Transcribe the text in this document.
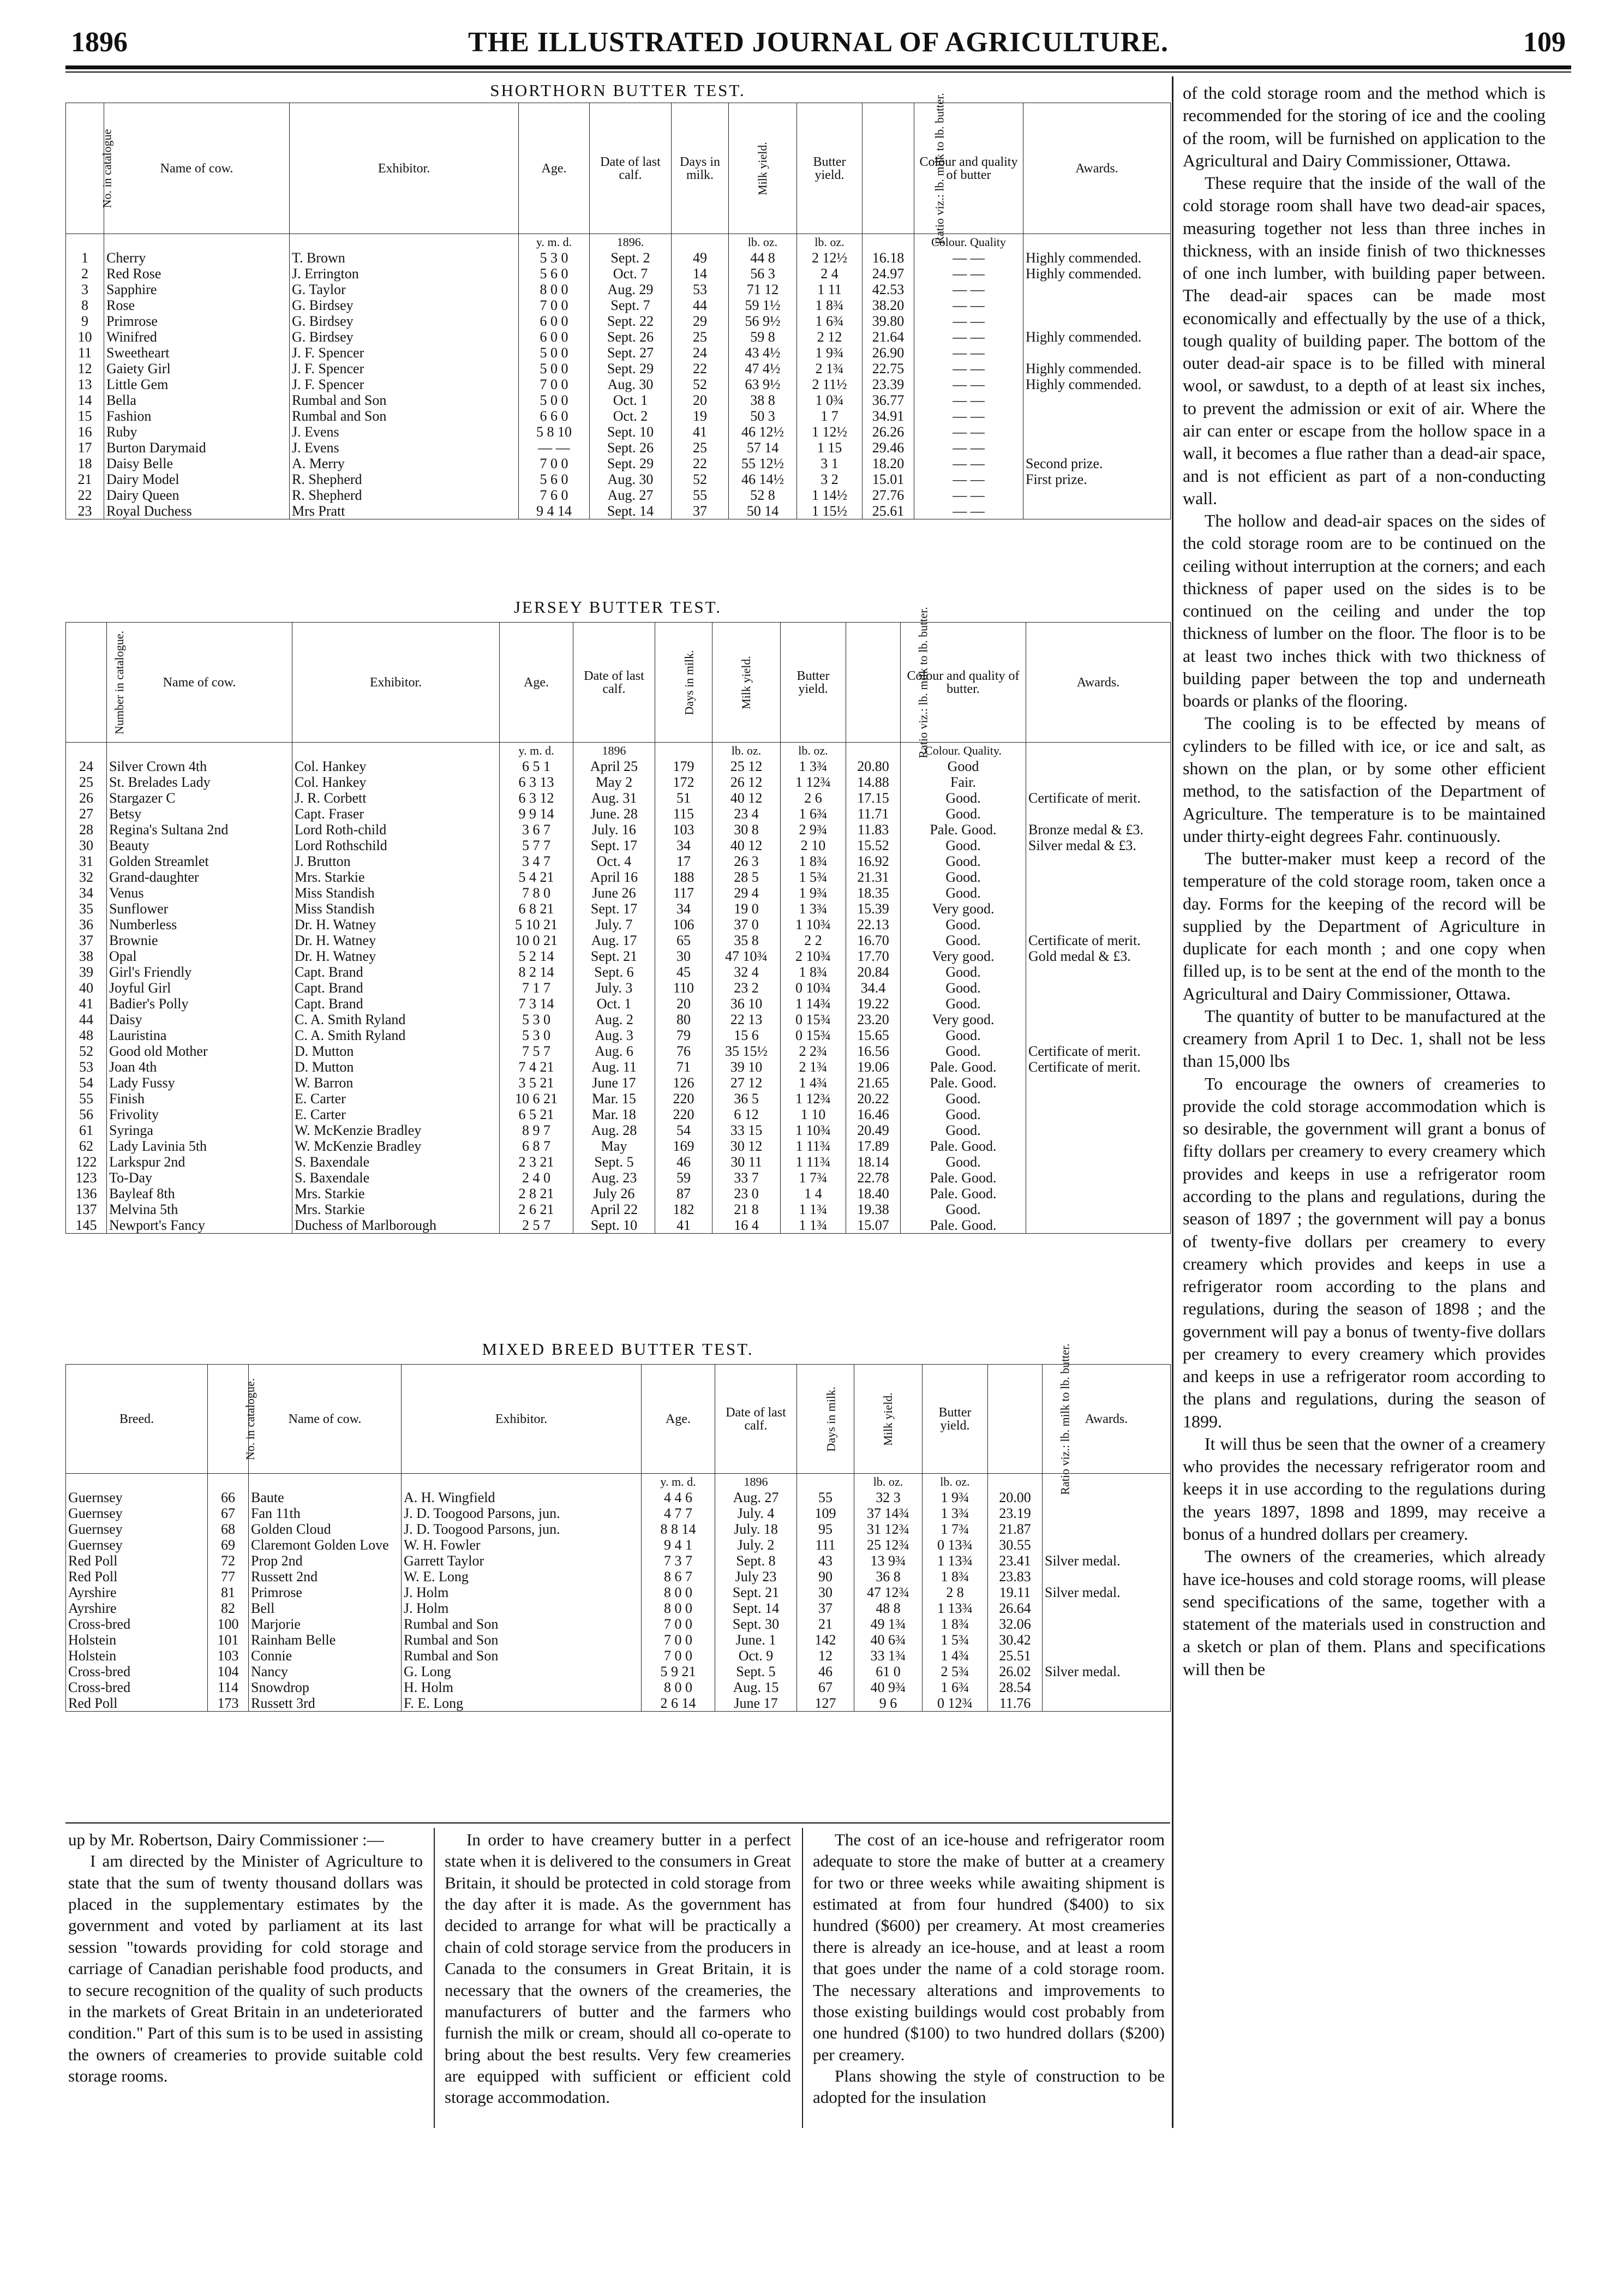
THE ILLUSTRATED JOURNAL OF AGRICULTURE.
1896	109
SHORTHORN BUTTER TEST.
No. in catalogue	Name of cow.	Exhibitor.	Age.	Date of last calf.	Days in milk.	Milk yield.	Butter yield.	Ratio viz.: lb. milk to lb. butter.	Colour and quality of butter	Awards.
			y. m. d.	1896.		lb. oz.	lb. oz.		Colour. Quality	
1	Cherry	T. Brown	5 3 0	Sept. 2	49	44 8	2 12½	16.18	— —	Highly commended.
2	Red Rose	J. Errington	5 6 0	Oct. 7	14	56 3	2 4	24.97	— —	Highly commended.
3	Sapphire	G. Taylor	8 0 0	Aug. 29	53	71 12	1 11	42.53	— —	
8	Rose	G. Birdsey	7 0 0	Sept. 7	44	59 1½	1 8¾	38.20	— —	
9	Primrose	G. Birdsey	6 0 0	Sept. 22	29	56 9½	1 6¾	39.80	— —	
10	Winifred	G. Birdsey	6 0 0	Sept. 26	25	59 8	2 12	21.64	— —	Highly commended.
11	Sweetheart	J. F. Spencer	5 0 0	Sept. 27	24	43 4½	1 9¾	26.90	— —	
12	Gaiety Girl	J. F. Spencer	5 0 0	Sept. 29	22	47 4½	2 1¾	22.75	— —	Highly commended.
13	Little Gem	J. F. Spencer	7 0 0	Aug. 30	52	63 9½	2 11½	23.39	— —	Highly commended.
14	Bella	Rumbal and Son	5 0 0	Oct. 1	20	38 8	1 0¾	36.77	— —	
15	Fashion	Rumbal and Son	6 6 0	Oct. 2	19	50 3	1 7	34.91	— —	
16	Ruby	J. Evens	5 8 10	Sept. 10	41	46 12½	1 12½	26.26	— —	
17	Burton Darymaid	J. Evens	— —	Sept. 26	25	57 14	1 15	29.46	— —	
18	Daisy Belle	A. Merry	7 0 0	Sept. 29	22	55 12½	3 1	18.20	— —	Second prize.
21	Dairy Model	R. Shepherd	5 6 0	Aug. 30	52	46 14½	3 2	15.01	— —	First prize.
22	Dairy Queen	R. Shepherd	7 6 0	Aug. 27	55	52 8	1 14½	27.76	— —	
23	Royal Duchess	Mrs Pratt	9 4 14	Sept. 14	37	50 14	1 15½	25.61	— —	
JERSEY BUTTER TEST.
Number in catalogue.	Name of cow.	Exhibitor.	Age.	Date of last calf.	Days in milk.	Milk yield.	Butter yield.	Ratio viz.: lb. milk to lb. butter.	Colour and quality of butter.	Awards.
			y. m. d.	1896		lb. oz.	lb. oz.		Colour. Quality.	
24	Silver Crown 4th	Col. Hankey	6 5 1	April 25	179	25 12	1 3¾	20.80	Good	
25	St. Brelades Lady	Col. Hankey	6 3 13	May 2	172	26 12	1 12¾	14.88	Fair.	
26	Stargazer C	J. R. Corbett	6 3 12	Aug. 31	51	40 12	2 6	17.15	Good.	Certificate of merit.
27	Betsy	Capt. Fraser	9 9 14	June. 28	115	23 4	1 6¾	11.71	Good.	
28	Regina's Sultana 2nd	Lord Roth-child	3 6 7	July. 16	103	30 8	2 9¾	11.83	Pale. Good.	Bronze medal & £3.
30	Beauty	Lord Rothschild	5 7 7	Sept. 17	34	40 12	2 10	15.52	Good.	Silver medal & £3.
31	Golden Streamlet	J. Brutton	3 4 7	Oct. 4	17	26 3	1 8¾	16.92	Good.	
32	Grand-daughter	Mrs. Starkie	5 4 21	April 16	188	28 5	1 5¾	21.31	Good.	
34	Venus	Miss Standish	7 8 0	June 26	117	29 4	1 9¾	18.35	Good.	
35	Sunflower	Miss Standish	6 8 21	Sept. 17	34	19 0	1 3¾	15.39	Very good.	
36	Numberless	Dr. H. Watney	5 10 21	July. 7	106	37 0	1 10¾	22.13	Good.	
37	Brownie	Dr. H. Watney	10 0 21	Aug. 17	65	35 8	2 2	16.70	Good.	Certificate of merit.
38	Opal	Dr. H. Watney	5 2 14	Sept. 21	30	47 10¾	2 10¾	17.70	Very good.	Gold medal & £3.
39	Girl's Friendly	Capt. Brand	8 2 14	Sept. 6	45	32 4	1 8¾	20.84	Good.	
40	Joyful Girl	Capt. Brand	7 1 7	July. 3	110	23 2	0 10¾	34.4	Good.	
41	Badier's Polly	Capt. Brand	7 3 14	Oct. 1	20	36 10	1 14¾	19.22	Good.	
44	Daisy	C. A. Smith Ryland	5 3 0	Aug. 2	80	22 13	0 15¾	23.20	Very good.	
48	Lauristina	C. A. Smith Ryland	5 3 0	Aug. 3	79	15 6	0 15¾	15.65	Good.	
52	Good old Mother	D. Mutton	7 5 7	Aug. 6	76	35 15½	2 2¾	16.56	Good.	Certificate of merit.
53	Joan 4th	D. Mutton	7 4 21	Aug. 11	71	39 10	2 1¾	19.06	Pale. Good.	Certificate of merit.
54	Lady Fussy	W. Barron	3 5 21	June 17	126	27 12	1 4¾	21.65	Pale. Good.	
55	Finish	E. Carter	10 6 21	Mar. 15	220	36 5	1 12¾	20.22	Good.	
56	Frivolity	E. Carter	6 5 21	Mar. 18	220	6 12	1 10	16.46	Good.	
61	Syringa	W. McKenzie Bradley	8 9 7	Aug. 28	54	33 15	1 10¾	20.49	Good.	
62	Lady Lavinia 5th	W. McKenzie Bradley	6 8 7	May	169	30 12	1 11¾	17.89	Pale. Good.	
122	Larkspur 2nd	S. Baxendale	2 3 21	Sept. 5	46	30 11	1 11¾	18.14	Good.	
123	To-Day	S. Baxendale	2 4 0	Aug. 23	59	33 7	1 7¾	22.78	Pale. Good.	
136	Bayleaf 8th	Mrs. Starkie	2 8 21	July 26	87	23 0	1 4	18.40	Pale. Good.	
137	Melvina 5th	Mrs. Starkie	2 6 21	April 22	182	21 8	1 1¾	19.38	Good.	
145	Newport's Fancy	Duchess of Marlborough	2 5 7	Sept. 10	41	16 4	1 1¾	15.07	Pale. Good.	
MIXED BREED BUTTER TEST.
Breed.	No. in catalogue.	Name of cow.	Exhibitor.	Age.	Date of last calf.	Days in milk.	Milk yield.	Butter yield.	Ratio viz.: lb. milk to lb. butter.	Awards.
				y. m. d.	1896		lb. oz.	lb. oz.		
Guernsey	66	Baute	A. H. Wingfield	4 4 6	Aug. 27	55	32 3	1 9¾	20.00	
Guernsey	67	Fan 11th	J. D. Toogood Parsons, jun.	4 7 7	July. 4	109	37 14¾	1 3¾	23.19	
Guernsey	68	Golden Cloud	J. D. Toogood Parsons, jun.	8 8 14	July. 18	95	31 12¾	1 7¾	21.87	
Guernsey	69	Claremont Golden Love	W. H. Fowler	9 4 1	July. 2	111	25 12¾	0 13¾	30.55	
Red Poll	72	Prop 2nd	Garrett Taylor	7 3 7	Sept. 8	43	13 9¾	1 13¾	23.41	Silver medal.
Red Poll	77	Russett 2nd	W. E. Long	8 6 7	July 23	90	36 8	1 8¾	23.83	
Ayrshire	81	Primrose	J. Holm	8 0 0	Sept. 21	30	47 12¾	2 8	19.11	Silver medal.
Ayrshire	82	Bell	J. Holm	8 0 0	Sept. 14	37	48 8	1 13¾	26.64	
Cross-bred	100	Marjorie	Rumbal and Son	7 0 0	Sept. 30	21	49 1¾	1 8¾	32.06	
Holstein	101	Rainham Belle	Rumbal and Son	7 0 0	June. 1	142	40 6¾	1 5¾	30.42	
Holstein	103	Connie	Rumbal and Son	7 0 0	Oct. 9	12	33 1¾	1 4¾	25.51	
Cross-bred	104	Nancy	G. Long	5 9 21	Sept. 5	46	61 0	2 5¾	26.02	Silver medal.
Cross-bred	114	Snowdrop	H. Holm	8 0 0	Aug. 15	67	40 9¾	1 6¾	28.54	
Red Poll	173	Russett 3rd	F. E. Long	2 6 14	June 17	127	9 6	0 12¾	11.76	

up by Mr. Robertson, Dairy Commissioner :—

I am directed by the Minister of Agriculture to state that the sum of twenty thousand dollars was placed in the supplementary estimates by the government and voted by parliament at its last session "towards providing for cold storage and carriage of Canadian perishable food products, and to secure recognition of the quality of such products in the markets of Great Britain in an undeteriorated condition." Part of this sum is to be used in assisting the owners of creameries to provide suitable cold storage rooms.

In order to have creamery butter in a perfect state when it is delivered to the consumers in Great Britain, it should be protected in cold storage from the day after it is made. As the government has decided to arrange for what will be practically a chain of cold storage service from the producers in Canada to the consumers in Great Britain, it is necessary that the owners of the creameries, the manufacturers of butter and the farmers who furnish the milk or cream, should all co-operate to bring about the best results. Very few creameries are equipped with sufficient or efficient cold storage accommodation.

The cost of an ice-house and refrigerator room adequate to store the make of butter at a creamery for two or three weeks while awaiting shipment is estimated at from four hundred ($400) to six hundred ($600) per creamery. At most creameries there is already an ice-house, and at least a room that goes under the name of a cold storage room. The necessary alterations and improvements to those existing buildings would cost probably from one hundred ($100) to two hundred dollars ($200) per creamery.

Plans showing the style of construction to be adopted for the insulation

of the cold storage room and the method which is recommended for the storing of ice and the cooling of the room, will be furnished on application to the Agricultural and Dairy Commissioner, Ottawa.

These require that the inside of the wall of the cold storage room shall have two dead-air spaces, measuring together not less than three inches in thickness, with an inside finish of two thicknesses of one inch lumber, with building paper between. The dead-air spaces can be made most economically and effectually by the use of a thick, tough quality of building paper. The bottom of the outer dead-air space is to be filled with mineral wool, or sawdust, to a depth of at least six inches, to prevent the admission or exit of air. Where the air can enter or escape from the hollow space in a wall, it becomes a flue rather than a dead-air space, and is not efficient as part of a non-conducting wall.

The hollow and dead-air spaces on the sides of the cold storage room are to be continued on the ceiling without interruption at the corners; and each thickness of paper used on the sides is to be continued on the ceiling and under the top thickness of lumber on the floor. The floor is to be at least two inches thick with two thickness of building paper between the top and underneath boards or planks of the flooring.

The cooling is to be effected by means of cylinders to be filled with ice, or ice and salt, as shown on the plan, or by some other efficient method, to the satisfaction of the Department of Agriculture. The temperature is to be maintained under thirty-eight degrees Fahr. continuously.

The butter-maker must keep a record of the temperature of the cold storage room, taken once a day. Forms for the keeping of the record will be supplied by the Department of Agriculture in duplicate for each month ; and one copy when filled up, is to be sent at the end of the month to the Agricultural and Dairy Commissioner, Ottawa.

The quantity of butter to be manufactured at the creamery from April 1 to Dec. 1, shall not be less than 15,000 lbs

To encourage the owners of creameries to provide the cold storage accommodation which is so desirable, the government will grant a bonus of fifty dollars per creamery to every creamery which provides and keeps in use a refrigerator room according to the plans and regulations, during the season of 1897 ; the government will pay a bonus of twenty-five dollars per creamery to every creamery which provides and keeps in use a refrigerator room according to the plans and regulations, during the season of 1898 ; and the government will pay a bonus of twenty-five dollars per creamery to every creamery which provides and keeps in use a refrigerator room according to the plans and regulations, during the season of 1899.

It will thus be seen that the owner of a creamery who provides the necessary refrigerator room and keeps it in use according to the regulations during the years 1897, 1898 and 1899, may receive a bonus of a hundred dollars per creamery.

The owners of the creameries, which already have ice-houses and cold storage rooms, will please send specifications of the same, together with a statement of the materials used in construction and a sketch or plan of them. Plans and specifications will then be
